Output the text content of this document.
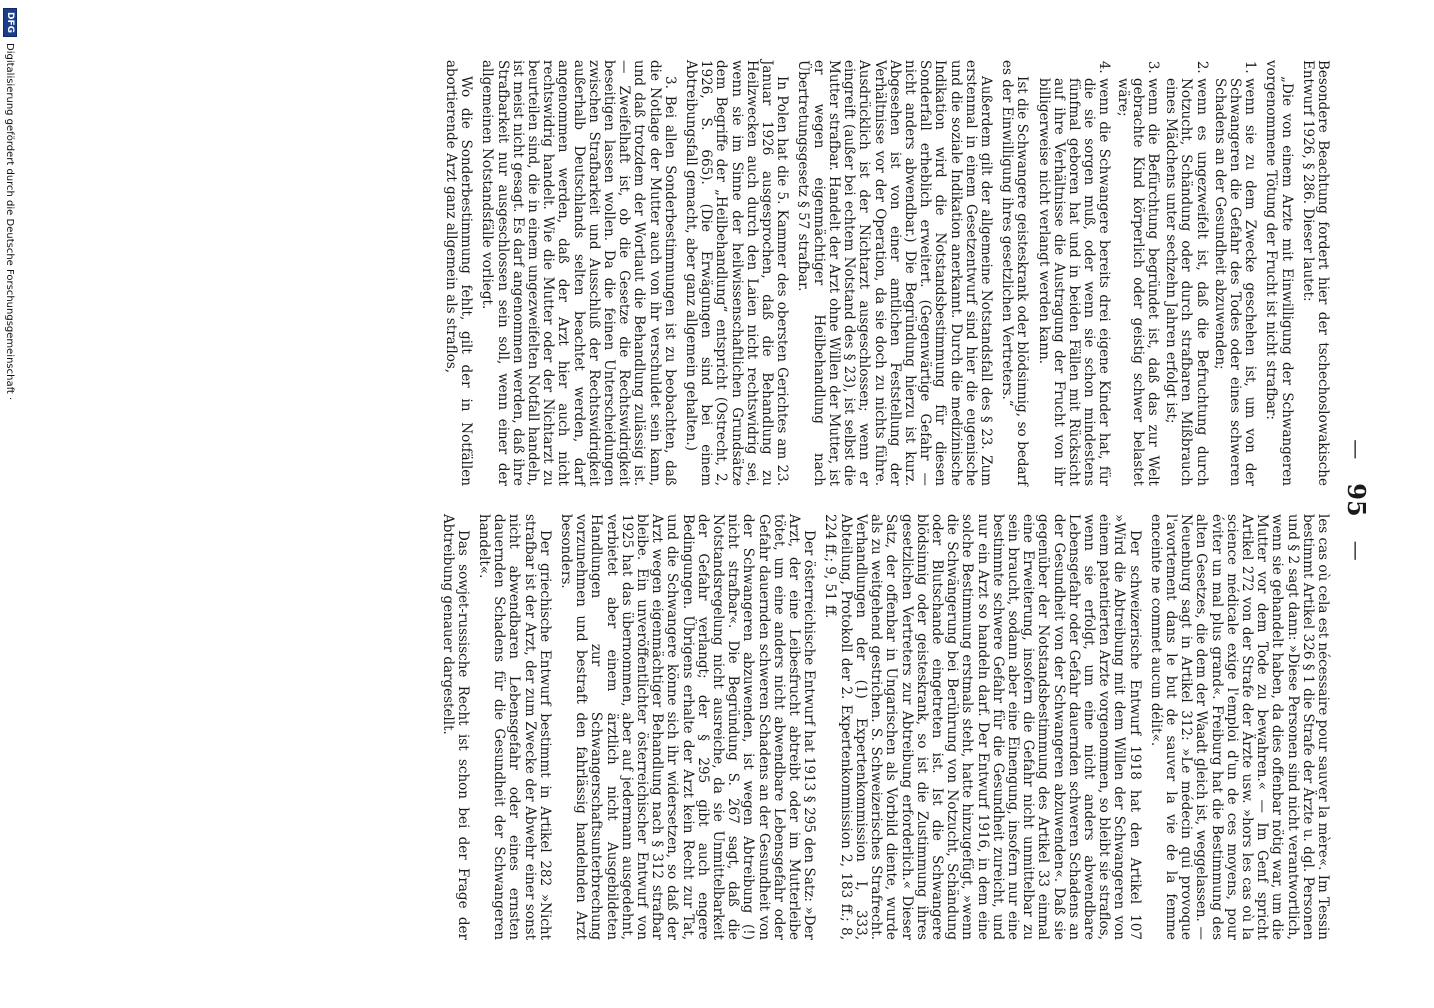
—
95
—

Besondere Beachtung fordert hier der tschechoslowakische Entwurf 1926, § 286. Dieser lautet:

„Die von einem Arzte mit Einwilligung der Schwangeren vorgenommene Tötung der Frucht ist nicht strafbar:

1. wenn sie zu dem Zwecke geschehen ist, um von der Schwangeren die Gefahr des Todes oder eines schweren Schadens an der Gesundheit abzuwenden;
2. wenn es ungezweifelt ist, daß die Befruchtung durch Notzucht, Schändung oder durch strafbaren Mißbrauch eines Mädchens unter sechzehn Jahren erfolgt ist;
3. wenn die Befürchtung begründet ist, daß das zur Welt gebrachte Kind körperlich oder geistig schwer belastet wäre;
4. wenn die Schwangere bereits drei eigene Kinder hat, für die sie sorgen muß, oder wenn sie schon mindestens fünfmal geboren hat und in beiden Fällen mit Rücksicht auf ihre Verhältnisse die Austragung der Frucht von ihr billigerweise nicht verlangt werden kann.

Ist die Schwangere geisteskrank oder blödsinnig, so bedarf es der Einwilligung ihres gesetzlichen Vertreters.“

Außerdem gilt der allgemeine Notstandsfall des § 23. Zum erstenmal in einem Gesetzentwurf sind hier die eugenische und die soziale Indikation anerkannt. Durch die medizinische Indikation wird die Notstandsbestimmung für diesen Sonderfall erheblich erweitert. (Gegenwärtige Gefahr — nicht anders abwendbar.) Die Begründung hierzu ist kurz. Abgesehen ist von einer amtlichen Feststellung der Verhältnisse vor der Operation, da sie doch zu nichts führe. Ausdrücklich ist der Nichtarzt ausgeschlossen; wenn er eingreift (außer bei echtem Notstand des § 23), ist selbst die Mutter strafbar. Handelt der Arzt ohne Willen der Mutter, ist er wegen eigenmächtiger Heilbehandlung nach Übertretungsgesetz § 57 strafbar.

In Polen hat die 5. Kammer des obersten Gerichtes am 23. Januar 1926 ausgesprochen, daß die Behandlung zu Heilzwecken auch durch den Laien nicht rechtswidrig sei, wenn sie im Sinne der heilwissenschaftlichen Grundsätze dem Begriffe der „Heilbehandlung“ entspricht (Ostrecht, 2, 1926, S. 665). (Die Erwägungen sind bei einem Abtreibungsfall gemacht, aber ganz allgemein gehalten.)

3. Bei allen Sonderbestimmungen ist zu beobachten, daß die Notlage der Mutter auch von ihr verschuldet sein kann, und daß trotzdem der Wortlaut die Behandlung zulässig ist. — Zweifelhaft ist, ob die Gesetze die Rechtswidrigkeit beseitigen lassen wollen. Da die feinen Unterscheidungen zwischen Strafbarkeit und Ausschluß der Rechtswidrigkeit außerhalb Deutschlands selten beachtet werden, darf angenommen werden, daß der Arzt hier auch nicht rechtswidrig handelt. Wie die Mutter oder der Nichtarzt zu beurteilen sind, die in einem ungezweifelten Notfall handeln, ist meist nicht gesagt. Es darf angenommen werden, daß ihre Strafbarkeit nur ausgeschlossen sein soll, wenn einer der allgemeinen Notstandsfälle vorliegt.

Wo die Sonderbestimmung fehlt, gilt der in Notfällen abortierende Arzt ganz allgemein als straflos,

les cas où cela est nécessaire pour sauver la mère«. Im Tessin bestimmt Artikel 326 § 1 die Strafe der Ärzte u. dgl. Personen und § 2 sagt dann: »Diese Personen sind nicht verantwortlich, wenn sie gehandelt haben, da dies offenbar nötig war, um die Mutter vor dem Tode zu bewahren.« — Im Genf spricht Artikel 272 von der Strafe der Ärzte usw. »hors les cas où la science médicale exige l'emploi d'un de ces moyens, pour éviter un mal plus grand«. Freiburg hat die Bestimmung des alten Gesetzes, die dem der Waadt gleich ist, weggelassen. — Neuenburg sagt in Artikel 312: »Le médecin qui provoque l'avortement dans le but de sauver la vie de la femme enceinte ne commet aucun délit«.

Der schweizerische Entwurf 1918 hat den Artikel 107 »Wird die Abtreibung mit dem Willen der Schwangeren von einem patentierten Arzte vorgenommen, so bleibt sie straflos, wenn sie erfolgt, um eine nicht anders abwendbare Lebensgefahr oder Gefahr dauernden schweren Schadens an der Gesundheit von der Schwangeren abzuwenden«. Daß sie gegenüber der Notstandsbestimmung des Artikel 33 einmal eine Erweiterung, insofern die Gefahr nicht unmittelbar zu sein braucht, sodann aber eine Einengung, insofern nur eine bestimmte schwere Gefahr für die Gesundheit zureicht, und nur ein Arzt so handeln darf. Der Entwurf 1916, in dem eine solche Bestimmung erstmals steht, hatte hinzugefügt, »wenn die Schwängerung bei Berührung von Notzucht, Schändung oder Blutschande eingetreten ist. Ist die Schwangere blödsinnig oder geisteskrank, so ist die Zustimmung ihres gesetzlichen Vertreters zur Abtreibung erforderlich.« Dieser Satz, der offenbar in Ungarischen als Vorbild diente, wurde als zu weitgehend gestrichen. S. Schweizerisches Strafrecht. Verhandlungen der (1) Expertenkommission I, 333, Abteilung, Protokoll der 2. Expertenkommission 2, 183 ff.; 8, 224 ff.; 9, 51 ff.

Der österreichische Entwurf hat 1913 § 295 den Satz: »Der Arzt, der eine Leibesfrucht abtreibt oder im Mutterleibe tötet, um eine anders nicht abwendbare Lebensgefahr oder Gefahr dauernden schweren Schadens an der Gesundheit von der Schwangeren abzuwenden, ist wegen Abtreibung (!) nicht strafbar«. Die Begründung S. 267 sagt, daß die Notstandsregelung nicht ausreiche, da sie Unmittelbarkeit der Gefahr verlangt; der § 295 gibt auch engere Bedingungen. Übrigens erhalte der Arzt kein Recht zur Tat, und die Schwangere könne sich ihr widersetzen, so daß der Arzt wegen eigenmächtiger Behandlung nach § 312 strafbar bleibe. Ein unveröffentlichter österreichischer Entwurf von 1925 hat das übernommen, aber auf jedermann ausgedehnt, verbietet aber einem ärztlich nicht Ausgebildeten Handlungen zur Schwangerschaftsunterbrechung vorzunehmen und bestraft den fahrlässig handelnden Arzt besonders.

Der griechische Entwurf bestimmt in Artikel 282 »Nicht strafbar ist der Arzt, der zum Zwecke der Abwehr einer sonst nicht abwendbaren Lebensgefahr oder eines ernsten dauernden Schadens für die Gesundheit der Schwangeren handelt«.

Das sowjet-russische Recht ist schon bei der Frage der Abtreibung genauer dargestellt.

DFG
Digitalisierung gefördert durch die Deutsche Forschungsgemeinschaft ·
